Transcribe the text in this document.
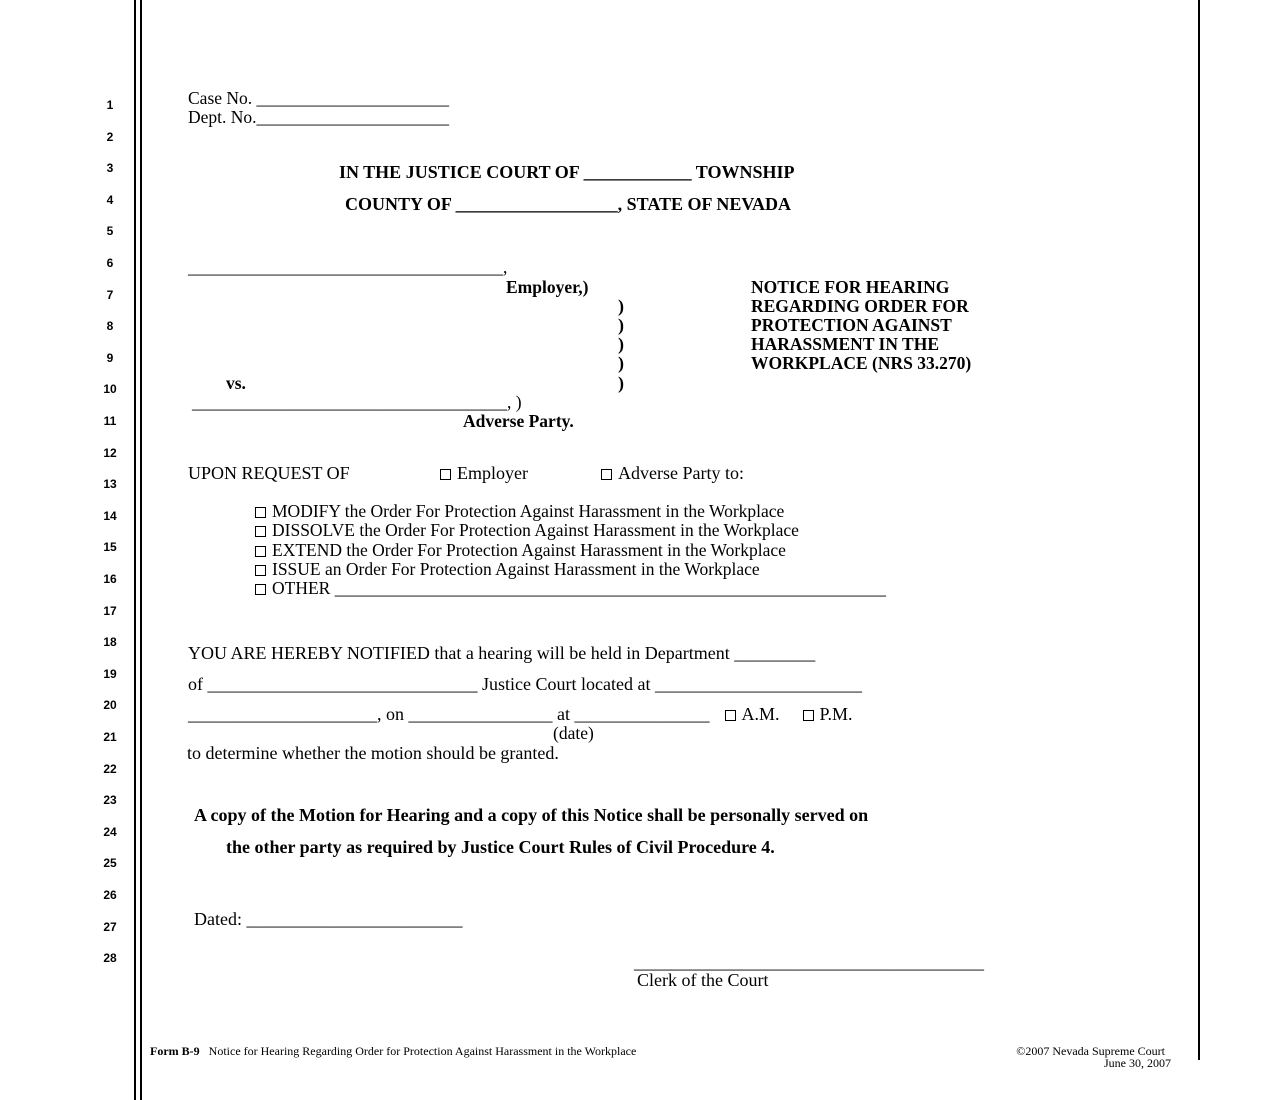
1
2
3
4
5
6
7
8
9
10
11
12
13
14
15
16
17
18
19
20
21
22
23
24
25
26
27
28
Case No. ______________________
Dept. No.______________________
IN THE JUSTICE COURT OF ____________ TOWNSHIP
COUNTY OF __________________, STATE OF NEVADA
____________________________________,
Employer,)
)
)
)
)
vs.	)
____________________________________, )
Adverse Party.
NOTICE FOR HEARING
REGARDING ORDER FOR
PROTECTION AGAINST
HARASSMENT IN THE
WORKPLACE (NRS 33.270)
UPON REQUEST OF	Employer	Adverse Party to:
MODIFY the Order For Protection Against Harassment in the Workplace
DISSOLVE the Order For Protection Against Harassment in the Workplace
EXTEND the Order For Protection Against Harassment in the Workplace
ISSUE an Order For Protection Against Harassment in the Workplace
OTHER _______________________________________________________________
YOU ARE HEREBY NOTIFIED that a hearing will be held in Department _________
of ______________________________ Justice Court located at _______________________
_____________________, on ________________ at _______________ A.M. P.M.
(date)
to determine whether the motion should be granted.
A copy of the Motion for Hearing and a copy of this Notice shall be personally served on
the other party as required by Justice Court Rules of Civil Procedure 4.
Dated: ________________________
________________________________________
Clerk of the Court
Form B-9 Notice for Hearing Regarding Order for Protection Against Harassment in the Workplace	©2007 Nevada Supreme Court
June 30, 2007
